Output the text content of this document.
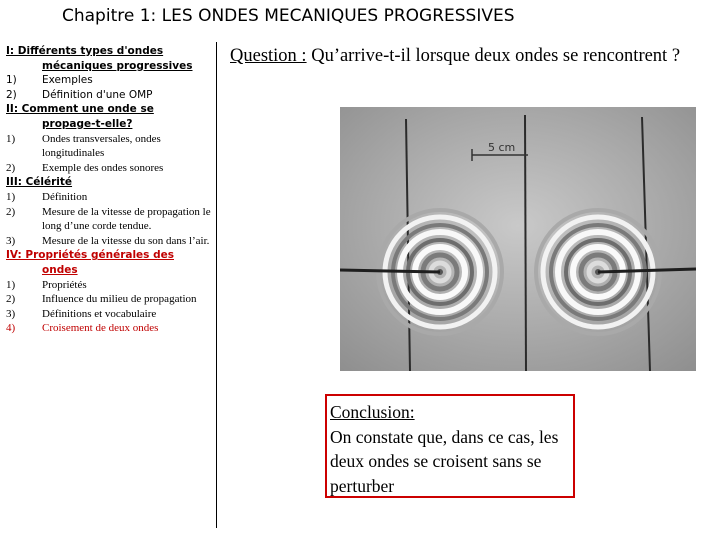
Chapitre 1: LES ONDES MECANIQUES PROGRESSIVES
I: Différents types d'ondes
mécaniques progressives
1)	Exemples
2)	Définition d'une OMP
II: Comment une onde se
propage-t-elle?
1)	Ondes transversales, ondes longitudinales
2)	Exemple des ondes sonores
III: Célérité
1)	Définition
2)	Mesure de la vitesse de propagation le long d’une corde tendue.
3)	Mesure de la vitesse du son dans l’air.
IV: Propriétés générales des
ondes
1)	Propriétés
2)	Influence du milieu de propagation
3)	Définitions et vocabulaire
4)	Croisement de deux ondes
Question : Qu’arrive-t-il lorsque deux ondes se rencontrent ?
5 cm
Conclusion:
On constate que, dans ce cas, les deux ondes se croisent sans se perturber
